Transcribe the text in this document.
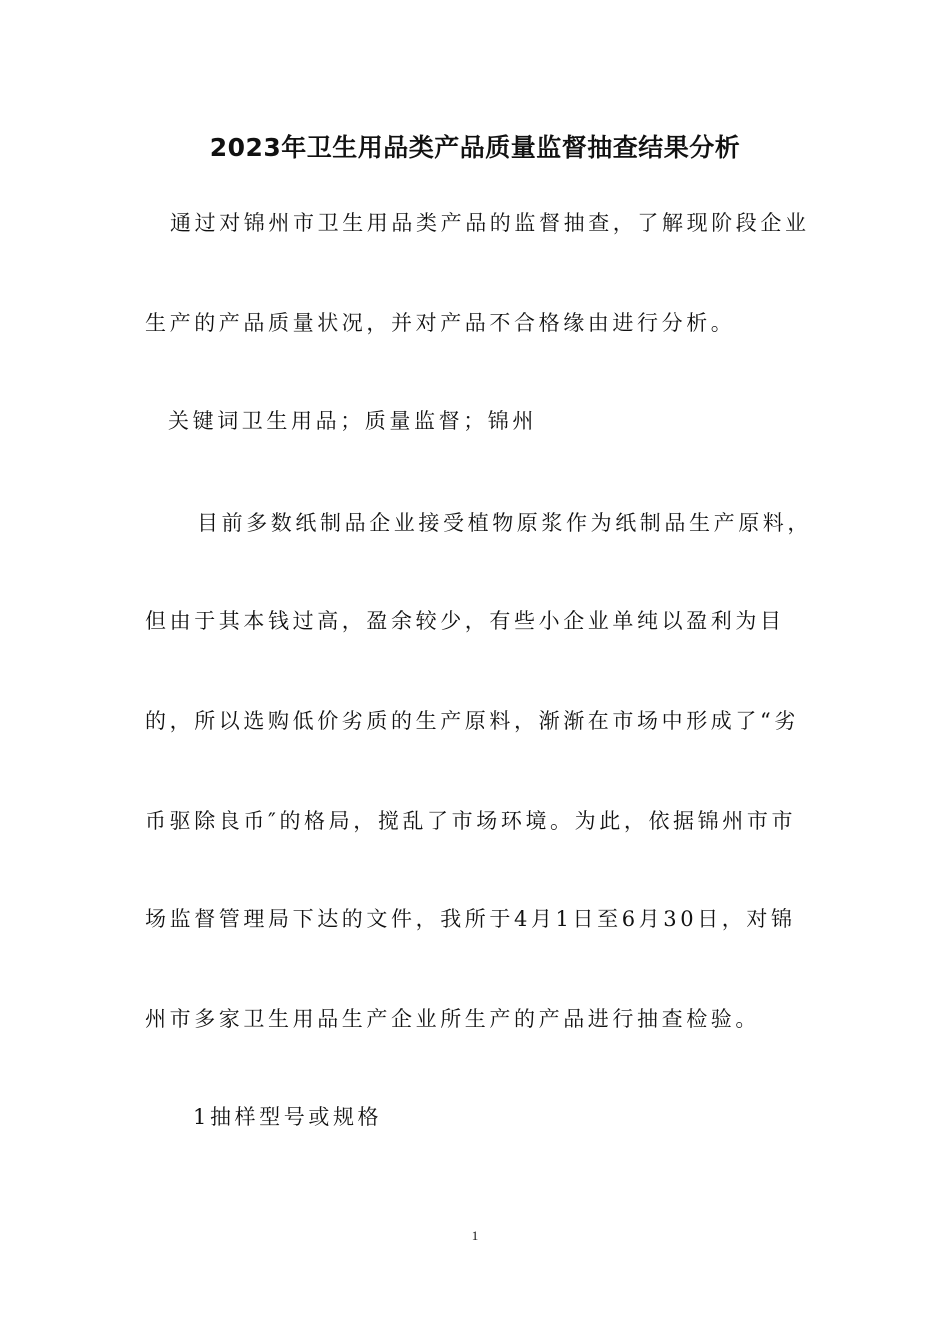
2023年卫生用品类产品质量监督抽查结果分析
通过对锦州市卫生用品类产品的监督抽查，了解现阶段企业
生产的产品质量状况，并对产品不合格缘由进行分析。
关键词卫生用品；质量监督；锦州
目前多数纸制品企业接受植物原浆作为纸制品生产原料，
但由于其本钱过高，盈余较少，有些小企业单纯以盈利为目
的，所以选购低价劣质的生产原料，渐渐在市场中形成了“劣
币驱除良币″的格局，搅乱了市场环境。为此，依据锦州市市
场监督管理局下达的文件，我所于4月1日至6月30日，对锦
州市多家卫生用品生产企业所生产的产品进行抽查检验。
1抽样型号或规格
1
